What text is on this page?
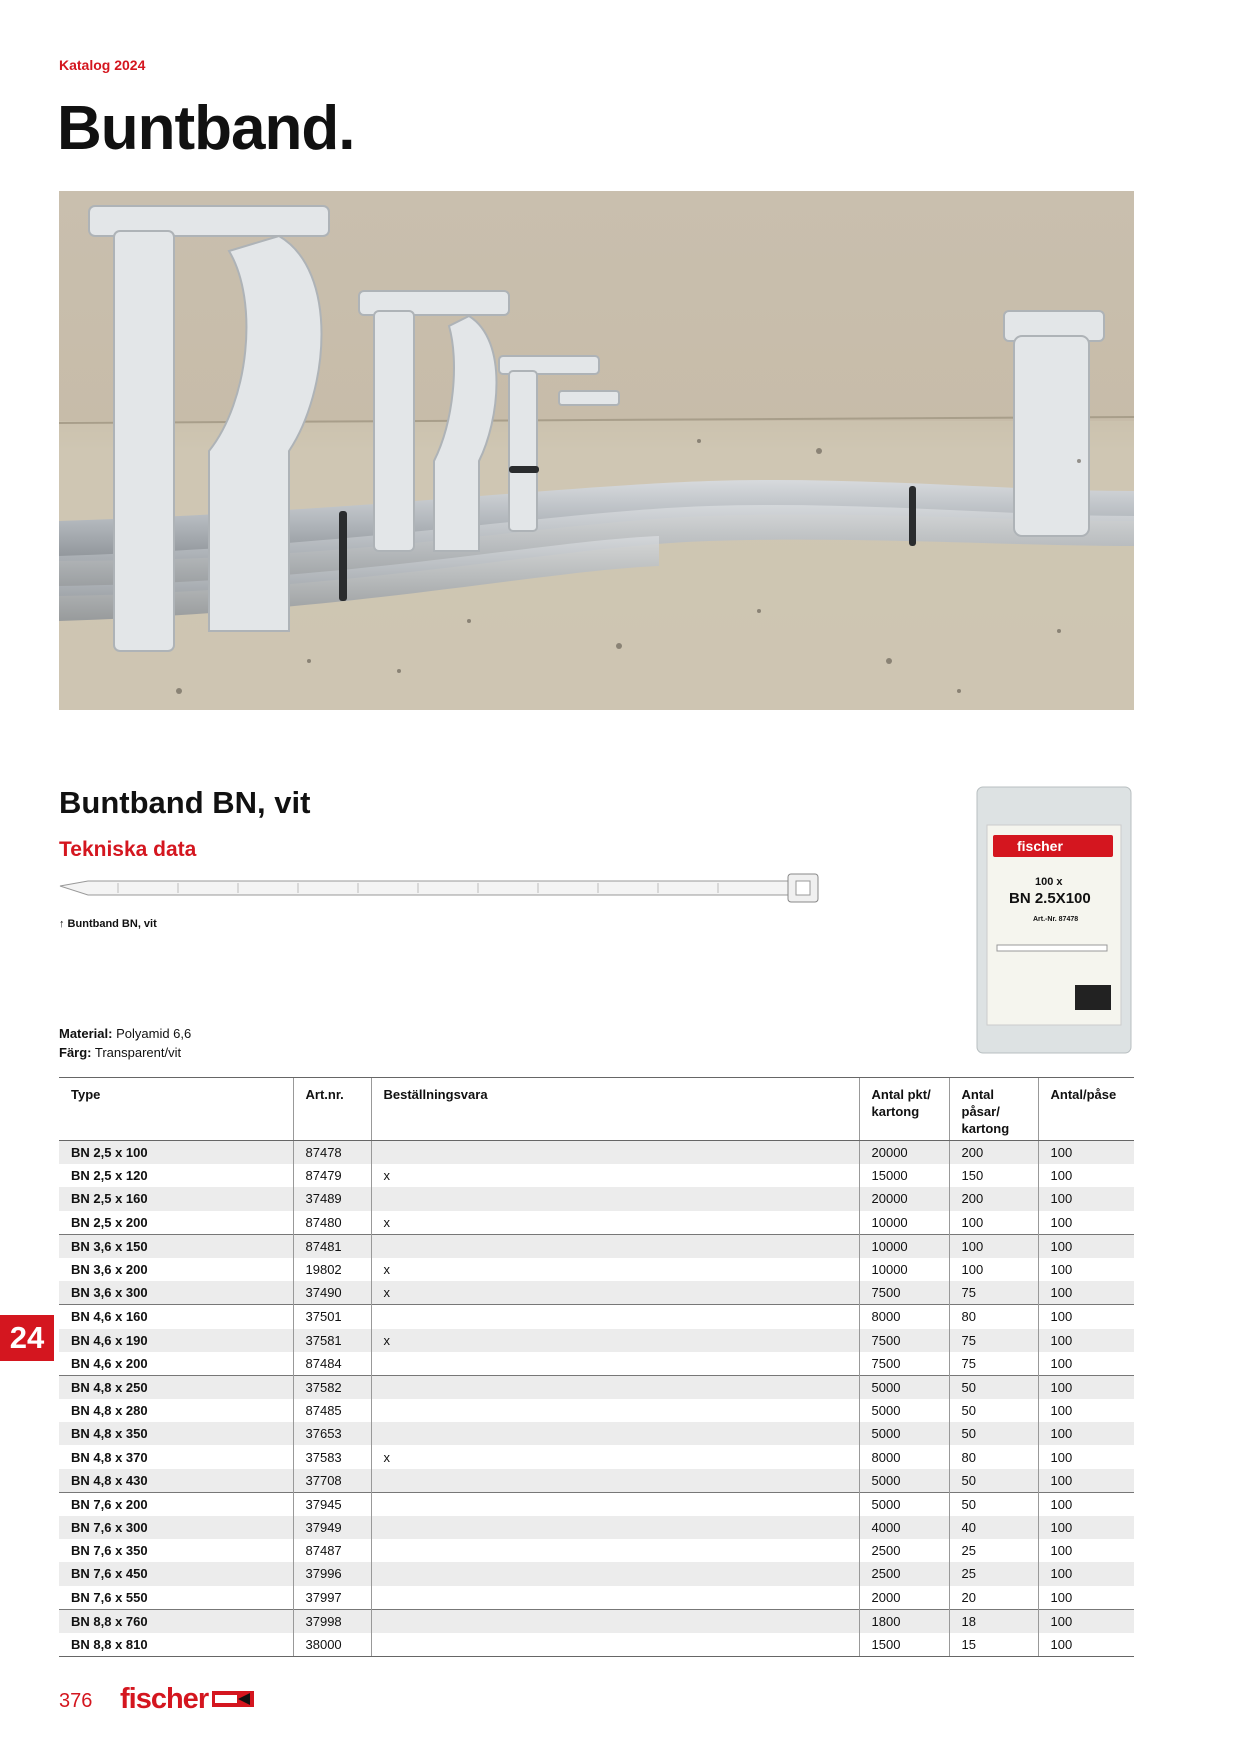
Katalog 2024
Buntband.
Buntband BN, vit
Tekniska data
↑ Buntband BN, vit
fischer
100 x
BN 2.5X100
Art.-Nr. 87478
Material: Polyamid 6,6
Färg: Transparent/vit
Type	Art.nr.	Beställningsvara	Antal pkt/
kartong	Antal påsar/
kartong	Antal/påse
BN 2,5 x 100	87478		20000	200	100
BN 2,5 x 120	87479	x	15000	150	100
BN 2,5 x 160	37489		20000	200	100
BN 2,5 x 200	87480	x	10000	100	100
BN 3,6 x 150	87481		10000	100	100
BN 3,6 x 200	19802	x	10000	100	100
BN 3,6 x 300	37490	x	7500	75	100
BN 4,6 x 160	37501		8000	80	100
BN 4,6 x 190	37581	x	7500	75	100
BN 4,6 x 200	87484		7500	75	100
BN 4,8 x 250	37582		5000	50	100
BN 4,8 x 280	87485		5000	50	100
BN 4,8 x 350	37653		5000	50	100
BN 4,8 x 370	37583	x	8000	80	100
BN 4,8 x 430	37708		5000	50	100
BN 7,6 x 200	37945		5000	50	100
BN 7,6 x 300	37949		4000	40	100
BN 7,6 x 350	87487		2500	25	100
BN 7,6 x 450	37996		2500	25	100
BN 7,6 x 550	37997		2000	20	100
BN 8,8 x 760	37998		1800	18	100
BN 8,8 x 810	38000		1500	15	100
24
376 fischer
